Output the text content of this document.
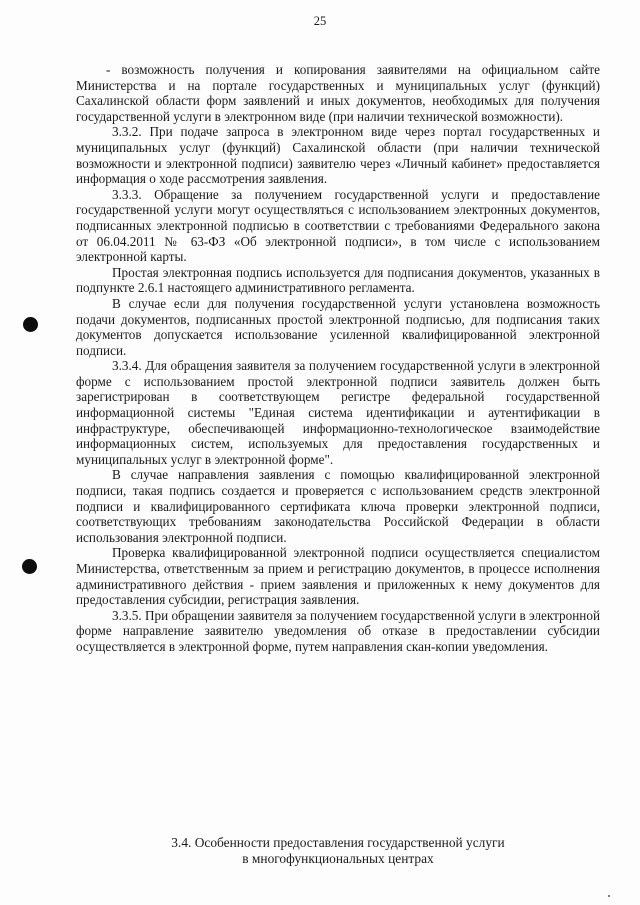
25

- возможность получения и копирования заявителями на официальном сайте Министерства и на портале государственных и муниципальных услуг (функций) Сахалинской области форм заявлений и иных документов, необходимых для получения государственной услуги в электронном виде (при наличии технической возможности).

3.3.2. При подаче запроса в электронном виде через портал государственных и муниципальных услуг (функций) Сахалинской области (при наличии технической возможности и электронной подписи) заявителю через «Личный кабинет» предоставляется информация о ходе рассмотрения заявления.

3.3.3. Обращение за получением государственной услуги и предоставление государственной услуги могут осуществляться с использованием электронных документов, подписанных электронной подписью в соответствии с требованиями Федерального закона от 06.04.2011 № 63-ФЗ «Об электронной подписи», в том числе с использованием электронной карты.

Простая электронная подпись используется для подписания документов, указанных в подпункте 2.6.1 настоящего административного регламента.

В случае если для получения государственной услуги установлена возможность подачи документов, подписанных простой электронной подписью, для подписания таких документов допускается использование усиленной квалифицированной электронной подписи.

3.3.4. Для обращения заявителя за получением государственной услуги в электронной форме с использованием простой электронной подписи заявитель должен быть зарегистрирован в соответствующем регистре федеральной государственной информационной системы "Единая система идентификации и аутентификации в инфраструктуре, обеспечивающей информационно-технологическое взаимодействие информационных систем, используемых для предоставления государственных и муниципальных услуг в электронной форме".

В случае направления заявления с помощью квалифицированной электронной подписи, такая подпись создается и проверяется с использованием средств электронной подписи и квалифицированного сертификата ключа проверки электронной подписи, соответствующих требованиям законодательства Российской Федерации в области использования электронной подписи.

Проверка квалифицированной электронной подписи осуществляется специалистом Министерства, ответственным за прием и регистрацию документов, в процессе исполнения административного действия - прием заявления и приложенных к нему документов для предоставления субсидии, регистрация заявления.

3.3.5. При обращении заявителя за получением государственной услуги в электронной форме направление заявителю уведомления об отказе в предоставлении субсидии осуществляется в электронной форме, путем направления скан-копии уведомления.

3.4. Особенности предоставления государственной услуги
в многофункциональных центрах
